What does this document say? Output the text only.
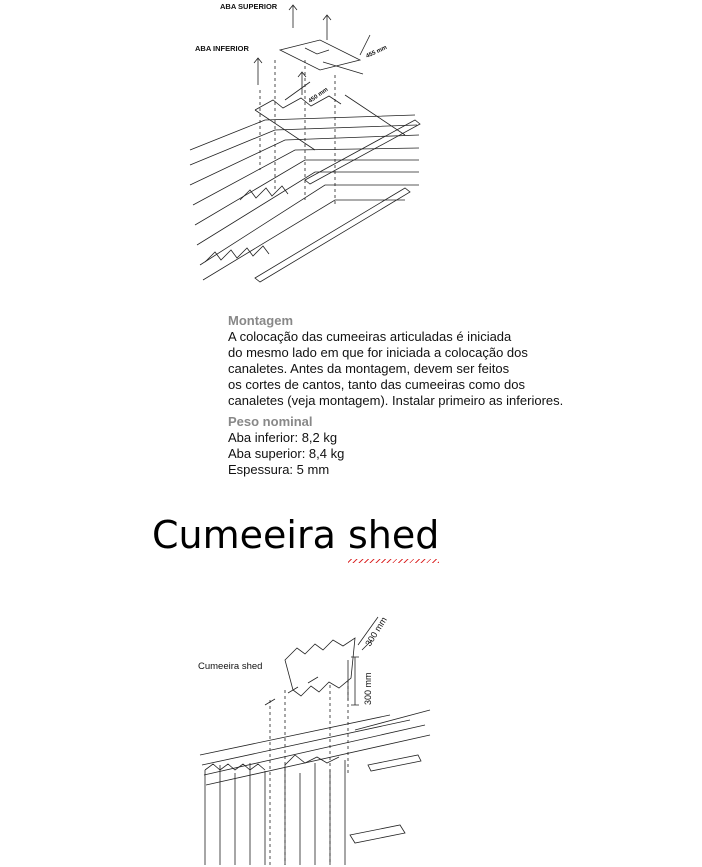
ABA SUPERIOR
ABA INFERIOR	455 mm
450 mm
Montagem
A colocação das cumeeiras articuladas é iniciada
do mesmo lado em que for iniciada a colocação dos
canaletes. Antes da montagem, devem ser feitos
os cortes de cantos, tanto das cumeeiras como dos
canaletes (veja montagem). Instalar primeiro as inferiores.
Peso nominal
Aba inferior: 8,2 kg
Aba superior: 8,4 kg
Espessura: 5 mm
Cumeeira shed
Cumeeira shed
300 mm
300 mm
